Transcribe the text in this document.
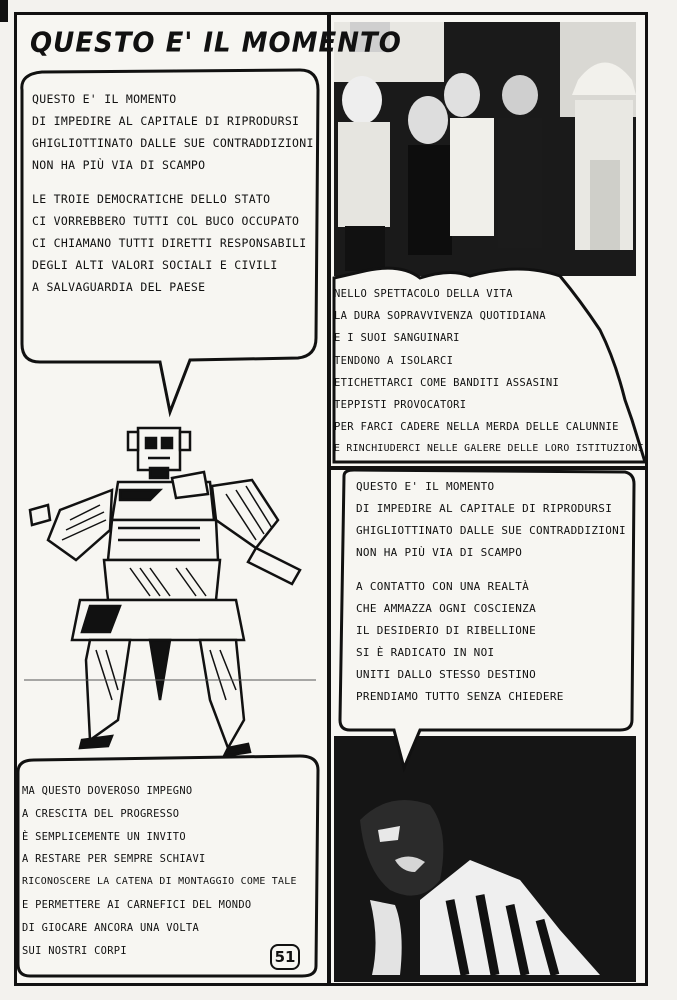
QUESTO E' IL MOMENTO
QUESTO E' IL MOMENTO
DI IMPEDIRE AL CAPITALE DI RIPRODURSI
GHIGLIOTTINATO DALLE SUE CONTRADDIZIONI
NON HA PIÙ VIA DI SCAMPO
LE TROIE DEMOCRATICHE DELLO STATO
CI VORREBBERO TUTTI COL BUCO OCCUPATO
CI CHIAMANO TUTTI DIRETTI RESPONSABILI
DEGLI ALTI VALORI SOCIALI E CIVILI
A SALVAGUARDIA DEL PAESE	NELLO SPETTACOLO DELLA VITA
LA DURA SOPRAVVIVENZA QUOTIDIANA
E I SUOI SANGUINARI
TENDONO A ISOLARCI
ETICHETTARCI COME BANDITI ASSASINI
TEPPISTI PROVOCATORI
PER FARCI CADERE NELLA MERDA DELLE CALUNNIE
E RINCHIUDERCI NELLE GALERE DELLE LORO ISTITUZIONI
QUESTO E' IL MOMENTO
DI IMPEDIRE AL CAPITALE DI RIPRODURSI
GHIGLIOTTINATO DALLE SUE CONTRADDIZIONI
NON HA PIÙ VIA DI SCAMPO
A CONTATTO CON UNA REALTÀ
CHE AMMAZZA OGNI COSCIENZA
IL DESIDERIO DI RIBELLIONE
SI È RADICATO IN NOI
UNITI DALLO STESSO DESTINO
PRENDIAMO TUTTO SENZA CHIEDERE
MA QUESTO DOVEROSO IMPEGNO
A CRESCITA DEL PROGRESSO
È SEMPLICEMENTE UN INVITO
A RESTARE PER SEMPRE SCHIAVI
RICONOSCERE LA CATENA DI MONTAGGIO COME TALE
E PERMETTERE AI CARNEFICI DEL MONDO
DI GIOCARE ANCORA UNA VOLTA
SUI NOSTRI CORPI	51
